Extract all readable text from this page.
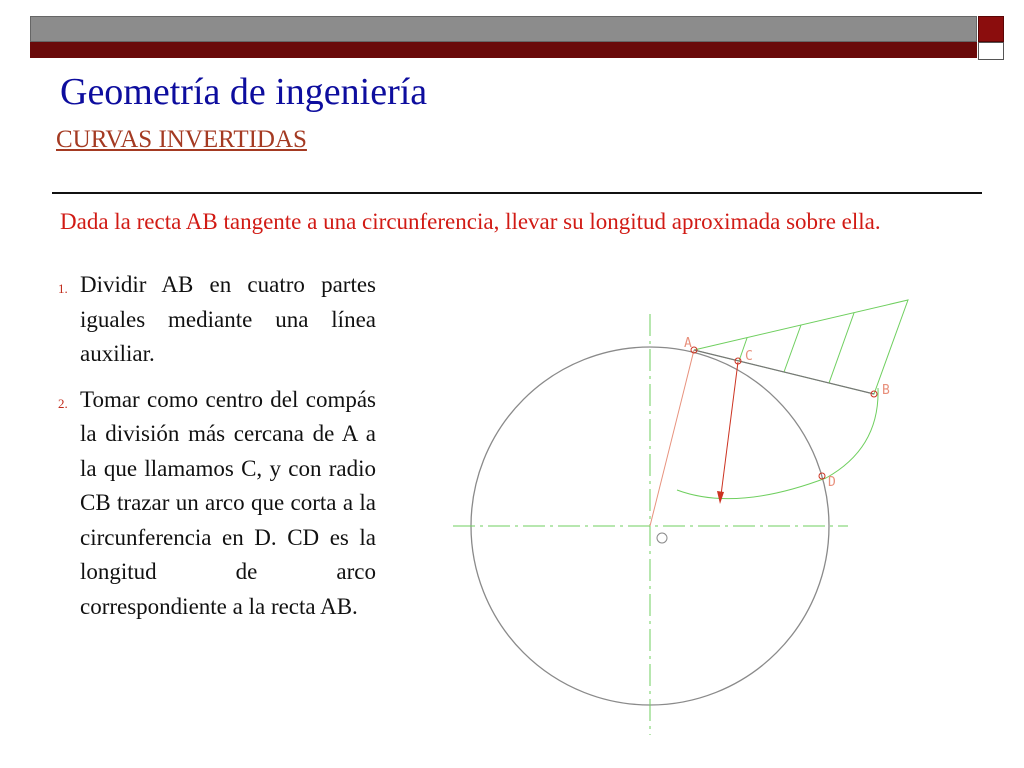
Geometría de ingeniería
CURVAS INVERTIDAS

Dada la recta AB tangente a una circunferencia, llevar su longitud aproximada sobre ella.

1. Dividir AB en cuatro partes iguales mediante una línea auxiliar.
2. Tomar como centro del compás la división más cercana de A a la que llamamos C, y con radio CB trazar un arco que corta a la circunferencia en D. CD es la longitud de arco correspondiente a la recta AB.
A
C
B
D
